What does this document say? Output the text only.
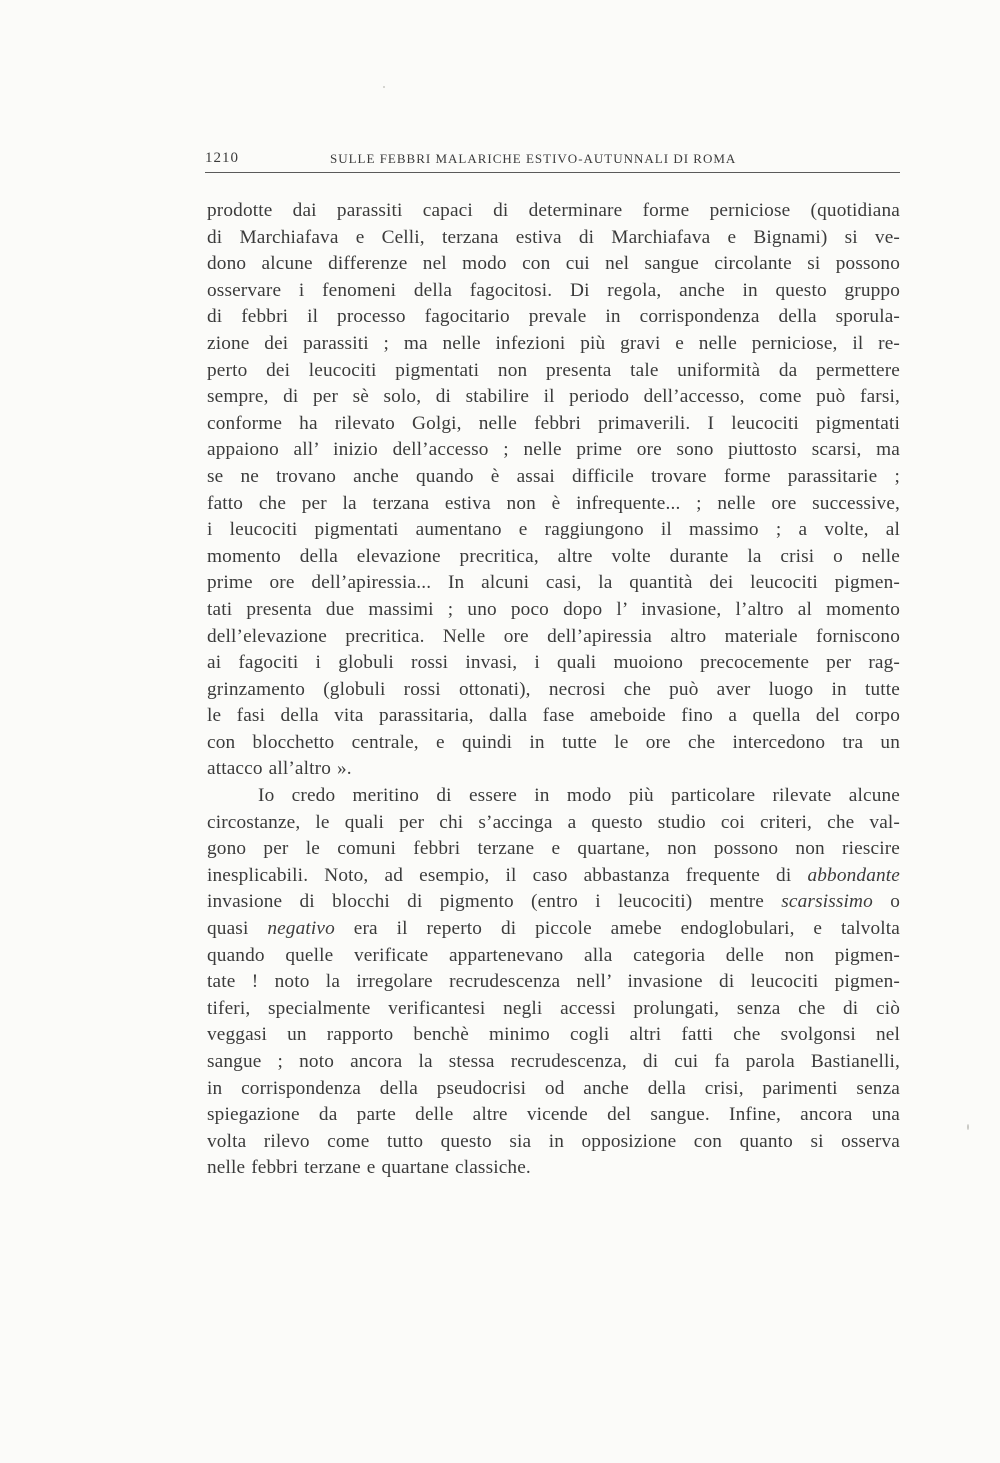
1210	SULLE FEBBRI MALARICHE ESTIVO-AUTUNNALI DI ROMA
prodotte dai parassiti capaci di determinare forme perniciose (quotidiana
di Marchiafava e Celli, terzana estiva di Marchiafava e Bignami) si ve-
dono alcune differenze nel modo con cui nel sangue circolante si possono
osservare i fenomeni della fagocitosi. Di regola, anche in questo gruppo
di febbri il processo fagocitario prevale in corrispondenza della sporula-
zione dei parassiti ; ma nelle infezioni più gravi e nelle perniciose, il re-
perto dei leucociti pigmentati non presenta tale uniformità da permettere
sempre, di per sè solo, di stabilire il periodo dell’accesso, come può farsi,
conforme ha rilevato Golgi, nelle febbri primaverili. I leucociti pigmentati
appaiono all’ inizio dell’accesso ; nelle prime ore sono piuttosto scarsi, ma
se ne trovano anche quando è assai difficile trovare forme parassitarie ;
fatto che per la terzana estiva non è infrequente... ; nelle ore successive,
i leucociti pigmentati aumentano e raggiungono il massimo ; a volte, al
momento della elevazione precritica, altre volte durante la crisi o nelle
prime ore dell’apiressia... In alcuni casi, la quantità dei leucociti pigmen-
tati presenta due massimi ; uno poco dopo l’ invasione, l’altro al momento
dell’elevazione precritica. Nelle ore dell’apiressia altro materiale forniscono
ai fagociti i globuli rossi invasi, i quali muoiono precocemente per rag-
grinzamento (globuli rossi ottonati), necrosi che può aver luogo in tutte
le fasi della vita parassitaria, dalla fase ameboide fino a quella del corpo
con blocchetto centrale, e quindi in tutte le ore che intercedono tra un
attacco all’altro ».
Io credo meritino di essere in modo più particolare rilevate alcune
circostanze, le quali per chi s’accinga a questo studio coi criteri, che val-
gono per le comuni febbri terzane e quartane, non possono non riescire
inesplicabili. Noto, ad esempio, il caso abbastanza frequente di abbondante
invasione di blocchi di pigmento (entro i leucociti) mentre scarsissimo o
quasi negativo era il reperto di piccole amebe endoglobulari, e talvolta
quando quelle verificate appartenevano alla categoria delle non pigmen-
tate ! noto la irregolare recrudescenza nell’ invasione di leucociti pigmen-
tiferi, specialmente verificantesi negli accessi prolungati, senza che di ciò
veggasi un rapporto benchè minimo cogli altri fatti che svolgonsi nel
sangue ; noto ancora la stessa recrudescenza, di cui fa parola Bastianelli,
in corrispondenza della pseudocrisi od anche della crisi, parimenti senza
spiegazione da parte delle altre vicende del sangue. Infine, ancora una
volta rilevo come tutto questo sia in opposizione con quanto si osserva
nelle febbri terzane e quartane classiche.
